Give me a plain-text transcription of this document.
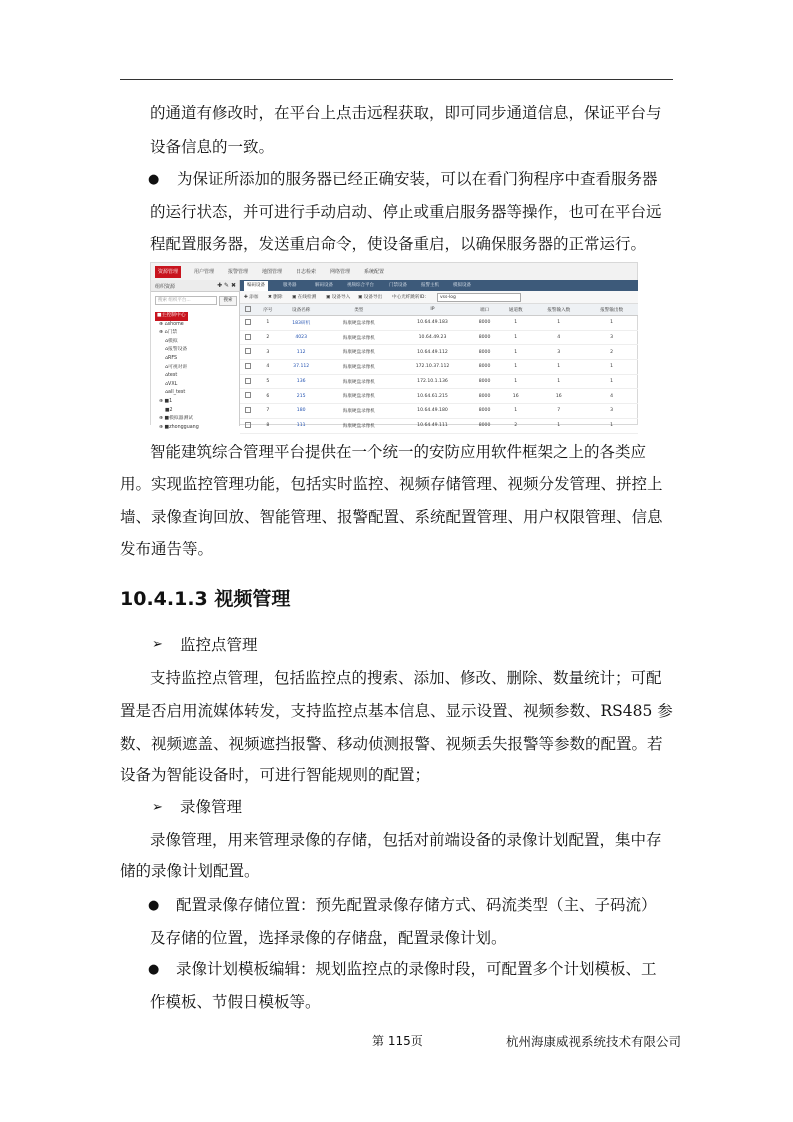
的通道有修改时，在平台上点击远程获取，即可同步通道信息，保证平台与
设备信息的一致。
● 为保证所添加的服务器已经正确安装，可以在看门狗程序中查看服务器
的运行状态，并可进行手动启动、停止或重启服务器等操作，也可在平台远
程配置服务器，发送重启命令，使设备重启，以确保服务器的正常运行。
资源管理	用户管理	报警管理	地图管理	日志检索	网络管理	系统配置
组织资源	✚ ✎ ✖
搜索 组织平台...	搜索
■主控制中心
⊕ ⌂shome
⊕ ⌂门禁
⌂模拟
⌂报警设备
⌂RFS
⌂可视对讲
⌂test
⌂VXL
⌂all_test
⊕ ■1
■2
⊕ ■模拟器测试
⊕ ■zhongguang
编码设备	服务器	解码设备	视频综合平台	门禁设备	报警主机	模拟设备
✚ 添加 ✖ 删除 ▣ 在线检测 ▣ 设备导入 ▣ 设备导出 中心光纤跳转ID：	vss-log
	序号	设备名称	类型	IP	端口	通道数	报警输入数	报警输出数
	1	183研机	海康硬盘录像机	10.64.49.183	8000	1	1	1
	2	4023	海康硬盘录像机	10.64.49.23	8000	1	4	3
	3	112	海康硬盘录像机	10.64.49.112	8000	1	3	2
	4	37.112	海康硬盘录像机	172.10.37.112	8000	1	1	1
	5	136	海康硬盘录像机	172.10.1.136	8000	1	1	1
	6	215	海康硬盘录像机	10.64.61.215	8000	16	16	4
	7	180	海康硬盘录像机	10.64.49.180	8000	1	7	3
	8	111	海康硬盘录像机	10.64.49.111	8000	2	1	1
智能建筑综合管理平台提供在一个统一的安防应用软件框架之上的各类应
用。实现监控管理功能，包括实时监控、视频存储管理、视频分发管理、拼控上
墙、录像查询回放、智能管理、报警配置、系统配置管理、用户权限管理、信息
发布通告等。
10.4.1.3 视频管理
➢ 监控点管理
支持监控点管理，包括监控点的搜索、添加、修改、删除、数量统计；可配
置是否启用流媒体转发，支持监控点基本信息、显示设置、视频参数、RS485 参
数、视频遮盖、视频遮挡报警、移动侦测报警、视频丢失报警等参数的配置。若
设备为智能设备时，可进行智能规则的配置；
➢ 录像管理
录像管理，用来管理录像的存储，包括对前端设备的录像计划配置，集中存
储的录像计划配置。
● 配置录像存储位置：预先配置录像存储方式、码流类型（主、子码流）
及存储的位置，选择录像的存储盘，配置录像计划。
● 录像计划模板编辑：规划监控点的录像时段，可配置多个计划模板、工
作模板、节假日模板等。
第 115页	杭州海康威视系统技术有限公司
